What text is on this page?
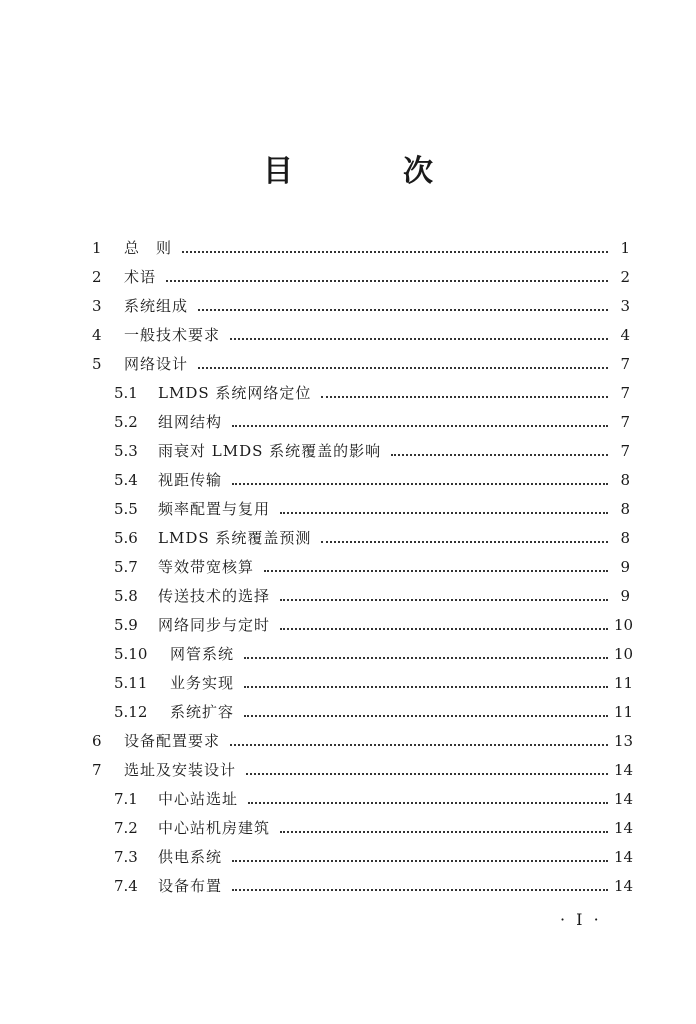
目　次
1	总　则	1
2	术语	2
3	系统组成	3
4	一般技术要求	4
5	网络设计	7
5.1	LMDS 系统网络定位	7
5.2	组网结构	7
5.3	雨衰对 LMDS 系统覆盖的影响	7
5.4	视距传输	8
5.5	频率配置与复用	8
5.6	LMDS 系统覆盖预测	8
5.7	等效带宽核算	9
5.8	传送技术的选择	9
5.9	网络同步与定时	10
5.10	网管系统	10
5.11	业务实现	11
5.12	系统扩容	11
6	设备配置要求	13
7	选址及安装设计	14
7.1	中心站选址	14
7.2	中心站机房建筑	14
7.3	供电系统	14
7.4	设备布置	14
· I ·
